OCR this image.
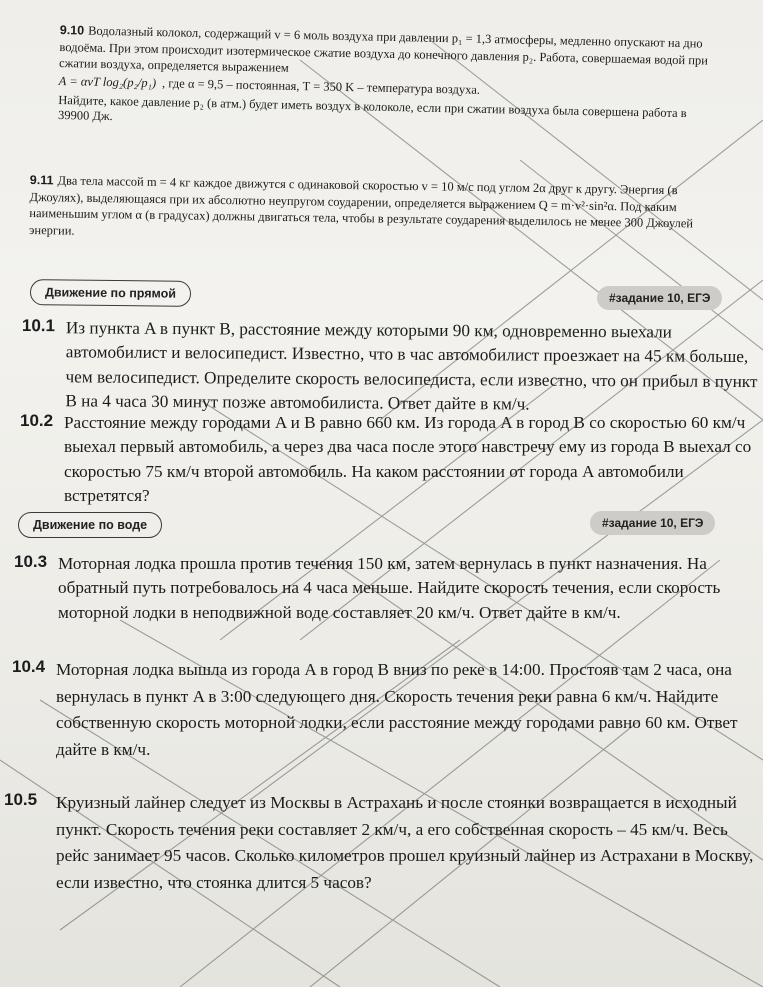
9.10 Водолазный колокол, содержащий v = 6 моль воздуха при давлении p₁ = 1,3 атмосферы, медленно опускают на дно водоёма. При этом происходит изотермическое сжатие воздуха до конечного давления p₂. Работа, совершаемая водой при сжатии воздуха, определяется выражением
A = αvT log₂(p₂/p₁) , где α = 9,5 – постоянная, T = 350 K – температура воздуха.
Найдите, какое давление p₂ (в атм.) будет иметь воздух в колоколе, если при сжатии воздуха была совершена работа в 39900 Дж.
9.11 Два тела массой m = 4 кг каждое движутся с одинаковой скоростью v = 10 м/с под углом 2α друг к другу. Энергия (в Джоулях), выделяющаяся при их абсолютно неупругом соударении, определяется выражением Q = m·v²·sin²α. Под каким наименьшим углом α (в градусах) должны двигаться тела, чтобы в результате соударения выделилось не менее 300 Джоулей энергии.
Движение по прямой	#задание 10, ЕГЭ
10.1 Из пункта A в пункт B, расстояние между которыми 90 км, одновременно выехали автомобилист и велосипедист. Известно, что в час автомобилист проезжает на 45 км больше, чем велосипедист. Определите скорость велосипедиста, если известно, что он прибыл в пункт B на 4 часа 30 минут позже автомобилиста. Ответ дайте в км/ч.
10.2 Расстояние между городами A и B равно 660 км. Из города A в город B со скоростью 60 км/ч выехал первый автомобиль, а через два часа после этого навстречу ему из города B выехал со скоростью 75 км/ч второй автомобиль. На каком расстоянии от города A автомобили встретятся?
Движение по воде	#задание 10, ЕГЭ
10.3 Моторная лодка прошла против течения 150 км, затем вернулась в пункт назначения. На обратный путь потребовалось на 4 часа меньше. Найдите скорость течения, если скорость моторной лодки в неподвижной воде составляет 20 км/ч. Ответ дайте в км/ч.
10.4 Моторная лодка вышла из города A в город B вниз по реке в 14:00. Простояв там 2 часа, она вернулась в пункт A в 3:00 следующего дня. Скорость течения реки равна 6 км/ч. Найдите собственную скорость моторной лодки, если расстояние между городами равно 60 км. Ответ дайте в км/ч.
10.5 Круизный лайнер следует из Москвы в Астрахань и после стоянки возвращается в исходный пункт. Скорость течения реки составляет 2 км/ч, а его собственная скорость – 45 км/ч. Весь рейс занимает 95 часов. Сколько километров прошел круизный лайнер из Астрахани в Москву, если известно, что стоянка длится 5 часов?
